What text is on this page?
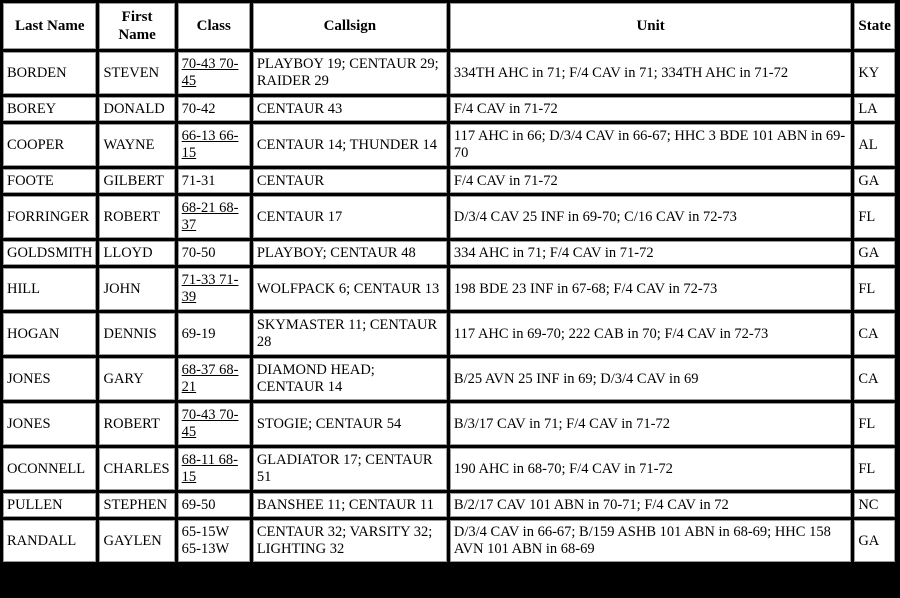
Last Name	First Name	Class	Callsign	Unit	State
BORDEN	STEVEN	70-43 70-45	PLAYBOY 19; CENTAUR 29; RAIDER 29	334TH AHC in 71; F/4 CAV in 71; 334TH AHC in 71-72	KY
BOREY	DONALD	70-42	CENTAUR 43	F/4 CAV in 71-72	LA
COOPER	WAYNE	66-13 66-15	CENTAUR 14; THUNDER 14	117 AHC in 66; D/3/4 CAV in 66-67; HHC 3 BDE 101 ABN in 69-70	AL
FOOTE	GILBERT	71-31	CENTAUR	F/4 CAV in 71-72	GA
FORRINGER	ROBERT	68-21 68-37	CENTAUR 17	D/3/4 CAV 25 INF in 69-70; C/16 CAV in 72-73	FL
GOLDSMITH	LLOYD	70-50	PLAYBOY; CENTAUR 48	334 AHC in 71; F/4 CAV in 71-72	GA
HILL	JOHN	71-33 71-39	WOLFPACK 6; CENTAUR 13	198 BDE 23 INF in 67-68; F/4 CAV in 72-73	FL
HOGAN	DENNIS	69-19	SKYMASTER 11; CENTAUR 28	117 AHC in 69-70; 222 CAB in 70; F/4 CAV in 72-73	CA
JONES	GARY	68-37 68-21	DIAMOND HEAD; CENTAUR 14	B/25 AVN 25 INF in 69; D/3/4 CAV in 69	CA
JONES	ROBERT	70-43 70-45	STOGIE; CENTAUR 54	B/3/17 CAV in 71; F/4 CAV in 71-72	FL
OCONNELL	CHARLES	68-11 68-15	GLADIATOR 17; CENTAUR 51	190 AHC in 68-70; F/4 CAV in 71-72	FL
PULLEN	STEPHEN	69-50	BANSHEE 11; CENTAUR 11	B/2/17 CAV 101 ABN in 70-71; F/4 CAV in 72	NC
RANDALL	GAYLEN	65-15W 65-13W	CENTAUR 32; VARSITY 32; LIGHTING 32	D/3/4 CAV in 66-67; B/159 ASHB 101 ABN in 68-69; HHC 158 AVN 101 ABN in 68-69	GA
